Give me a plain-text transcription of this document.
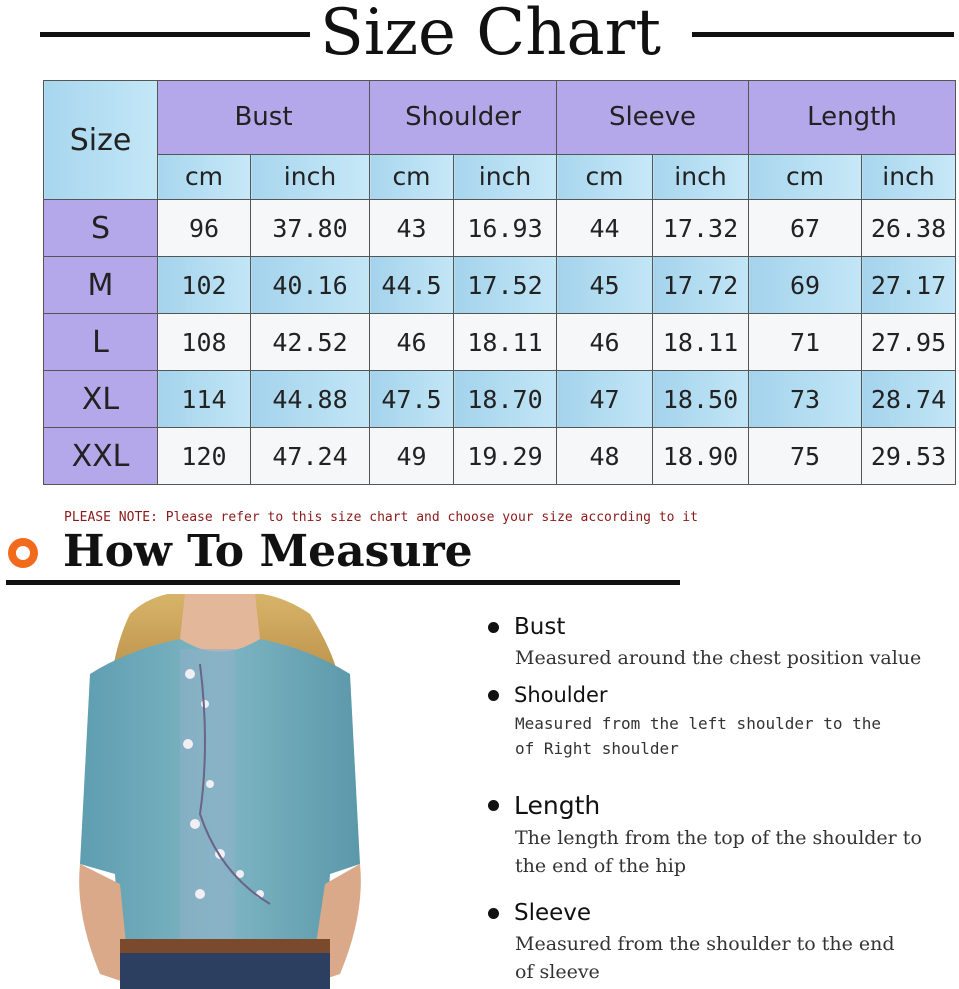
Size Chart
Size	Bust		Shoulder		Sleeve		Length	
	cm	inch	cm	inch	cm	inch	cm	inch
S	96	37.80	43	16.93	44	17.32	67	26.38
M	102	40.16	44.5	17.52	45	17.72	69	27.17
L	108	42.52	46	18.11	46	18.11	71	27.95
XL	114	44.88	47.5	18.70	47	18.50	73	28.74
XXL	120	47.24	49	19.29	48	18.90	75	29.53
PLEASE NOTE: Please refer to this size chart and choose your size according to it
How To Measure
Bust
Measured around the chest position value
Shoulder
Measured from the left shoulder to the
of Right shoulder
Length
The length from the top of the shoulder to
the end of the hip
Sleeve
Measured from the shoulder to the end
of sleeve
